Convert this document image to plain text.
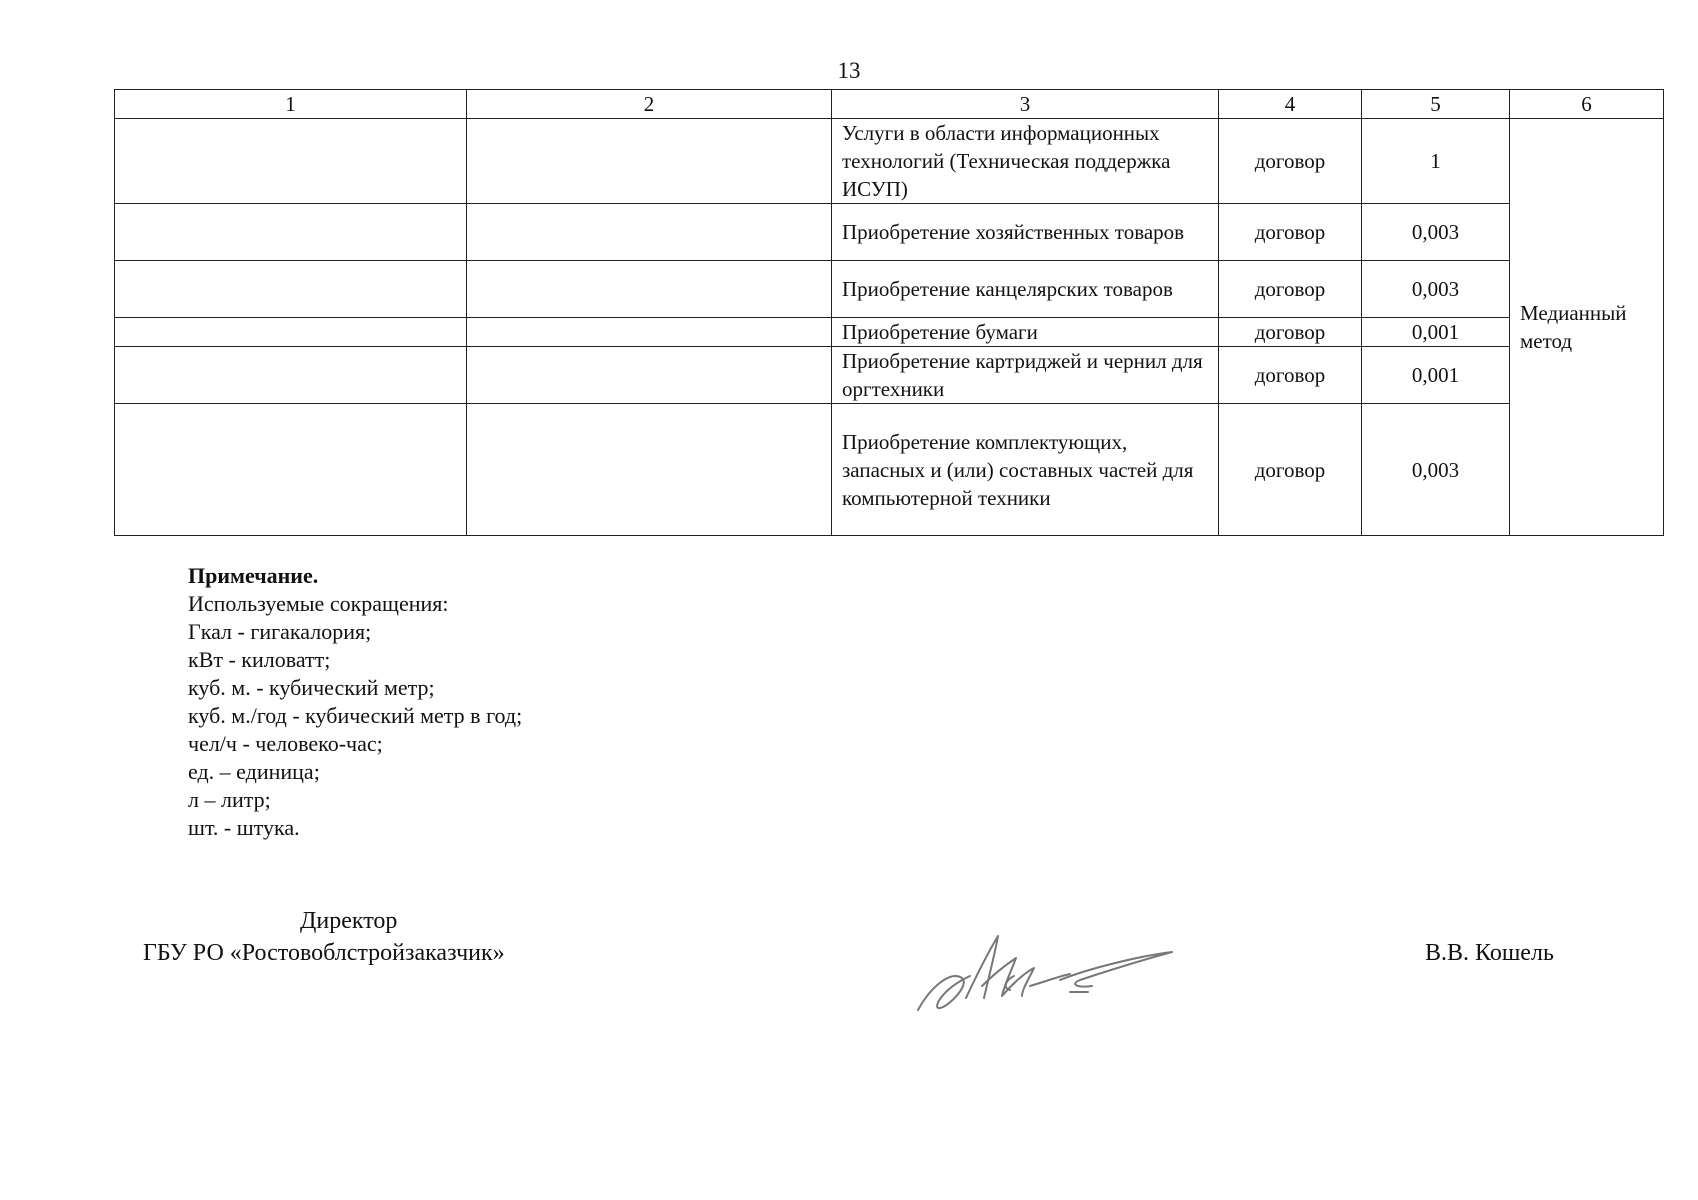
13
1	2	3	4	5	6
		Услуги в области информационных технологий (Техническая поддержка ИСУП)	договор	1	Медианный метод
		Приобретение хозяйственных товаров	договор	0,003	
		Приобретение канцелярских товаров	договор	0,003	
		Приобретение бумаги	договор	0,001	
		Приобретение картриджей и чернил для оргтехники	договор	0,001	
		Приобретение комплектующих, запасных и (или) составных частей для компьютерной техники	договор	0,003	
Примечание.
Используемые сокращения:
Гкал - гигакалория;
кВт - киловатт;
куб. м. - кубический метр;
куб. м./год - кубический метр в год;
чел/ч - человеко-час;
ед. – единица;
л – литр;
шт. - штука.
Директор
ГБУ РО «Ростовоблстройзаказчик»	В.В. Кошель
